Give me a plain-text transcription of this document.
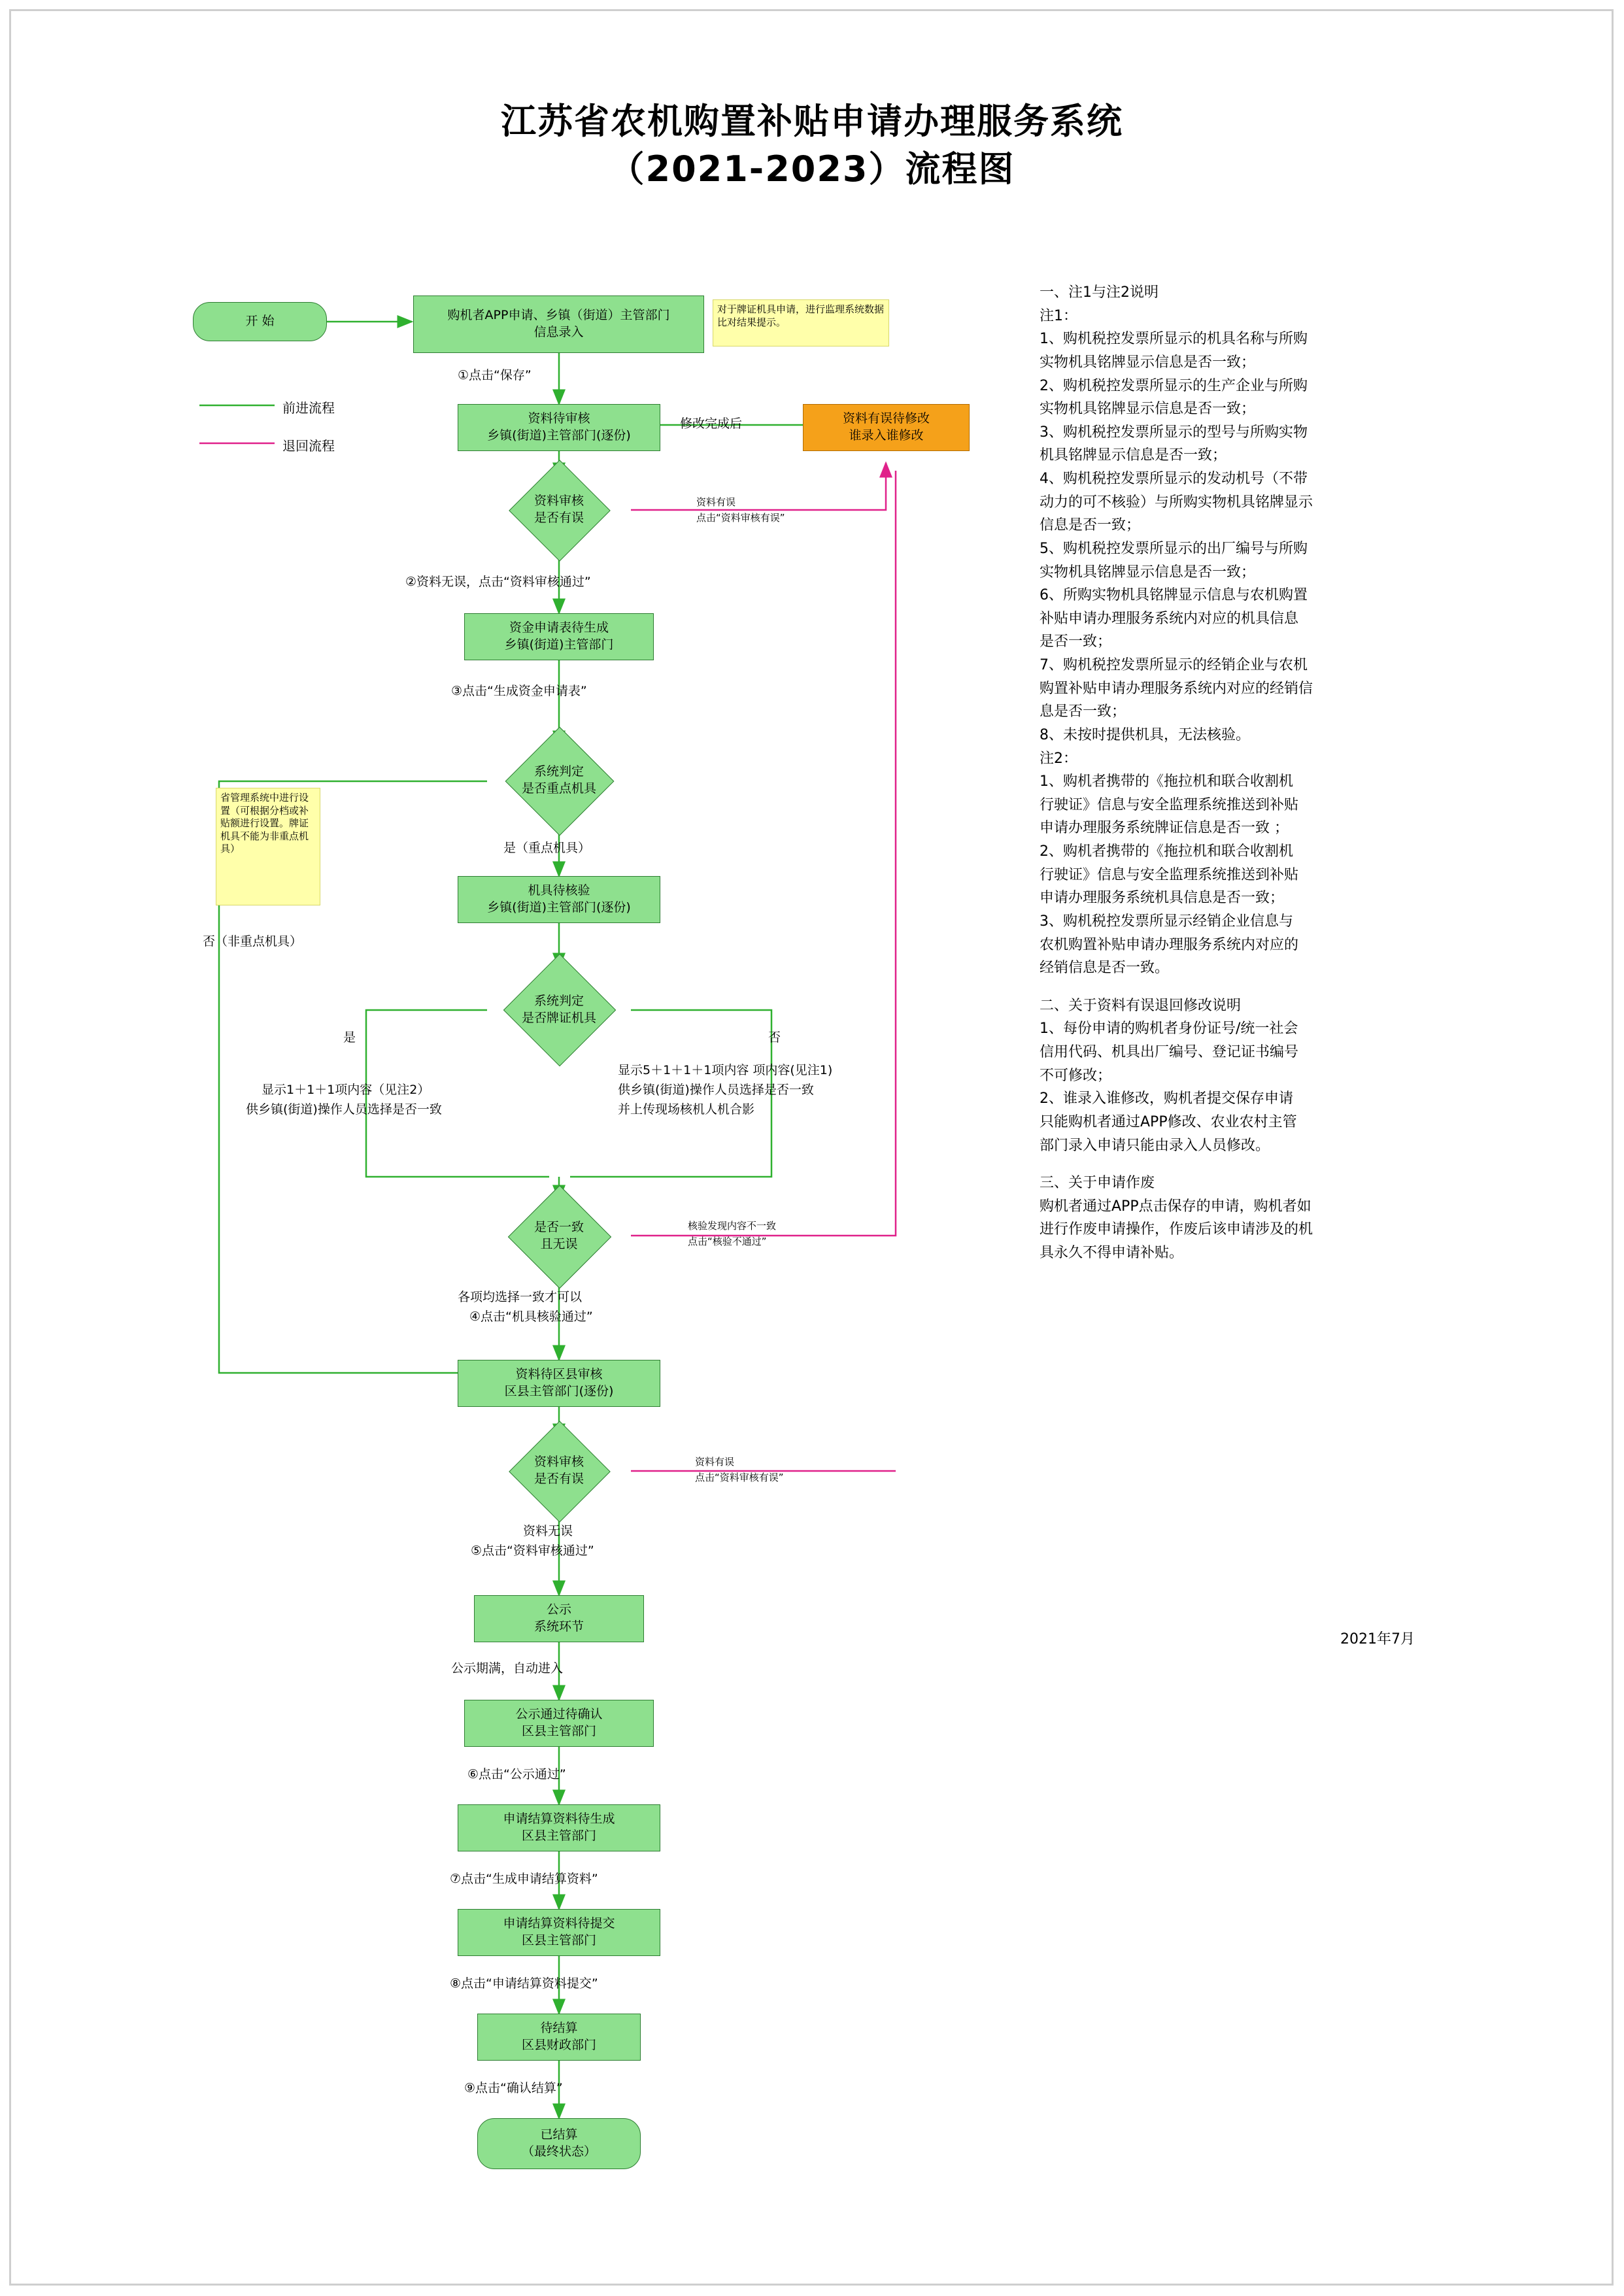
江苏省农机购置补贴申请办理服务系统
（2021-2023）流程图
前进流程
退回流程
开 始	购机者APP申请、乡镇（街道）主管部门
信息录入
对于牌证机具申请，进行监理系统数据比对结果提示。
①点击“保存”
资料待审核
乡镇(街道)主管部门(逐份)
资料有误待修改
谁录入谁修改
修改完成后
资料审核
是否有误
资料有误
点击“资料审核有误”
②资料无误，点击“资料审核通过”
资金申请表待生成
乡镇(街道)主管部门
③点击“生成资金申请表”
系统判定
是否重点机具
省管理系统中进行设置（可根据分档或补贴额进行设置。牌证机具不能为非重点机具）	是（重点机具）
否（非重点机具）
机具待核验
乡镇(街道)主管部门(逐份)
系统判定
是否牌证机具
是
显示1＋1＋1项内容（见注2）
供乡镇(街道)操作人员选择是否一致
否
显示5＋1＋1＋1项内容 项内容(见注1)
供乡镇(街道)操作人员选择是否一致
并上传现场核机人机合影
是否一致
且无误
核验发现内容不一致
点击“核验不通过”
各项均选择一致才可以
④点击“机具核验通过”
资料待区县审核
区县主管部门(逐份)
资料审核
是否有误
资料有误
点击“资料审核有误”
资料无误
⑤点击“资料审核通过”
公示
系统环节
公示期满，自动进入
公示通过待确认
区县主管部门
⑥点击“公示通过”
申请结算资料待生成
区县主管部门
⑦点击“生成申请结算资料”
申请结算资料待提交
区县主管部门
⑧点击“申请结算资料提交”
待结算
区县财政部门
⑨点击“确认结算”
已结算
（最终状态）

一、注1与注2说明

注1：

1、购机税控发票所显示的机具名称与所购

实物机具铭牌显示信息是否一致；

2、购机税控发票所显示的生产企业与所购

实物机具铭牌显示信息是否一致；

3、购机税控发票所显示的型号与所购实物

机具铭牌显示信息是否一致；

4、购机税控发票所显示的发动机号（不带

动力的可不核验）与所购实物机具铭牌显示

信息是否一致；

5、购机税控发票所显示的出厂编号与所购

实物机具铭牌显示信息是否一致；

6、所购实物机具铭牌显示信息与农机购置

补贴申请办理服务系统内对应的机具信息

是否一致；

7、购机税控发票所显示的经销企业与农机

购置补贴申请办理服务系统内对应的经销信

息是否一致；

8、未按时提供机具，无法核验。

注2：

1、购机者携带的《拖拉机和联合收割机

行驶证》信息与安全监理系统推送到补贴

申请办理服务系统牌证信息是否一致 ；

2、购机者携带的《拖拉机和联合收割机

行驶证》信息与安全监理系统推送到补贴

申请办理服务系统机具信息是否一致；

3、购机税控发票所显示经销企业信息与

农机购置补贴申请办理服务系统内对应的

经销信息是否一致。

二、关于资料有误退回修改说明

1、每份申请的购机者身份证号/统一社会

信用代码、机具出厂编号、登记证书编号

不可修改；

2、谁录入谁修改，购机者提交保存申请

只能购机者通过APP修改、农业农村主管

部门录入申请只能由录入人员修改。

三、关于申请作废

购机者通过APP点击保存的申请，购机者如

进行作废申请操作，作废后该申请涉及的机

具永久不得申请补贴。

2021年7月
